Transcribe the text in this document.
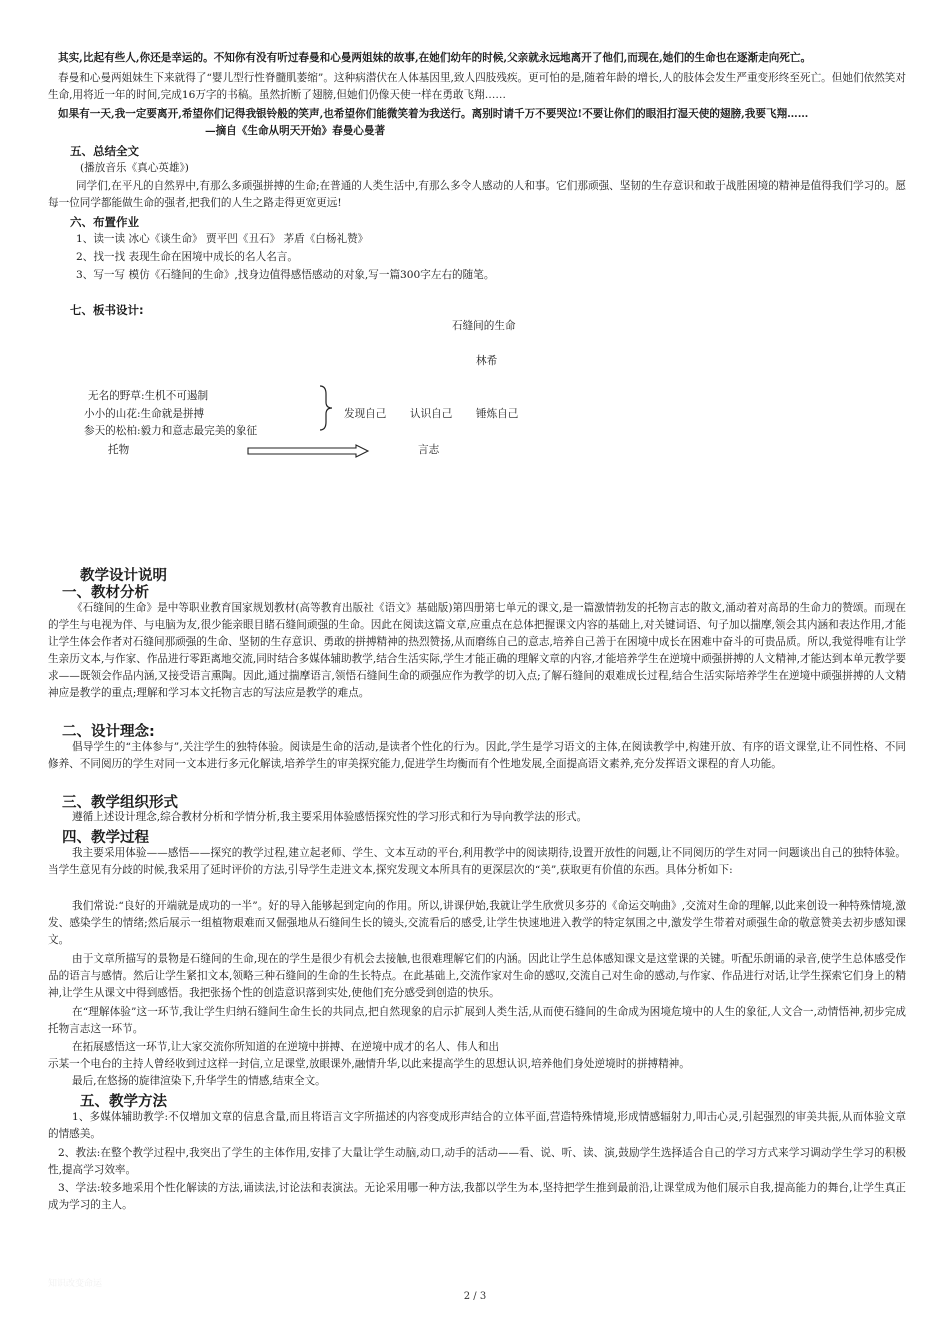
其实,比起有些人,你还是幸运的。不知你有没有听过春曼和心曼两姐妹的故事,在她们幼年的时候,父亲就永远地离开了他们,而现在,她们的生命也在逐渐走向死亡。

春曼和心曼两姐妹生下来就得了“婴儿型行性脊髓肌萎缩”。这种病潜伏在人体基因里,致人四肢残疾。更可怕的是,随着年龄的增长,人的肢体会发生严重变形终至死亡。但她们依然笑对生命,用将近一年的时间,完成16万字的书稿。虽然折断了翅膀,但她们仍像天使一样在勇敢飞翔……

如果有一天,我一定要离开,希望你们记得我银铃般的笑声,也希望你们能微笑着为我送行。离别时请千万不要哭泣!不要让你们的眼泪打湿天使的翅膀,我要飞翔……

—摘自《生命从明天开始》春曼心曼著
五、总结全文
(播放音乐《真心英雄》)

同学们,在平凡的自然界中,有那么多顽强拼搏的生命;在普通的人类生活中,有那么多令人感动的人和事。它们那顽强、坚韧的生存意识和敢于战胜困境的精神是值得我们学习的。愿每一位同学都能做生命的强者,把我们的人生之路走得更宽更远!

六、布置作业
1、读一读 冰心《谈生命》 贾平凹《丑石》 茅盾《白杨礼赞》
2、找一找 表现生命在困境中成长的名人名言。
3、写一写 模仿《石缝间的生命》,找身边值得感悟感动的对象,写一篇300字左右的随笔。
七、板书设计:
石缝间的生命
林希
无名的野草:生机不可遏制
小小的山花:生命就是拼搏
参天的松柏:毅力和意志最完美的象征
托物
发现自己 认识自己 锤炼自己
言志
教学设计说明
一、教材分析

《石缝间的生命》是中等职业教育国家规划教材(高等教育出版社《语文》基础版)第四册第七单元的课文,是一篇激情勃发的托物言志的散文,涌动着对高昂的生命力的赞颂。而现在的学生与电视为伴、与电脑为友,很少能亲眼目睹石缝间顽强的生命。因此在阅读这篇文章,应重点在总体把握课文内容的基础上,对关键词语、句子加以揣摩,领会其内涵和表达作用,才能让学生体会作者对石缝间那顽强的生命、坚韧的生存意识、勇敢的拼搏精神的热烈赞扬,从而磨练自己的意志,培养自己善于在困境中成长在困难中奋斗的可贵品质。所以,我觉得唯有让学生亲历文本,与作家、作品进行零距离地交流,同时结合多媒体辅助教学,结合生活实际,学生才能正确的理解文章的内容,才能培养学生在逆境中顽强拼搏的人文精神,才能达到本单元教学要求——既领会作品内涵,又接受语言熏陶。因此,通过揣摩语言,领悟石缝间生命的顽强应作为教学的切入点;了解石缝间的艰难成长过程,结合生活实际培养学生在逆境中顽强拼搏的人文精神应是教学的重点;理解和学习本文托物言志的写法应是教学的难点。

二、设计理念:

倡导学生的“主体参与”,关注学生的独特体验。阅读是生命的活动,是读者个性化的行为。因此,学生是学习语文的主体,在阅读教学中,构建开放、有序的语文课堂,让不同性格、不同修养、不同阅历的学生对同一文本进行多元化解读,培养学生的审美探究能力,促进学生均衡而有个性地发展,全面提高语文素养,充分发挥语文课程的育人功能。

三、教学组织形式

遵循上述设计理念,综合教材分析和学情分析,我主要采用体验感悟探究性的学习形式和行为导向教学法的形式。

四、教学过程

我主要采用体验——感悟——探究的教学过程,建立起老师、学生、文本互动的平台,利用教学中的阅读期待,设置开放性的问题,让不同阅历的学生对同一问题谈出自己的独特体验。当学生意见有分歧的时候,我采用了延时评价的方法,引导学生走进文本,探究发现文本所具有的更深层次的“美”,获取更有价值的东西。具体分析如下:

我们常说:“良好的开端就是成功的一半”。好的导入能够起到定向的作用。所以,讲课伊始,我就让学生欣赏贝多芬的《命运交响曲》,交流对生命的理解,以此来创设一种特殊情境,激发、感染学生的情绪;然后展示一组植物艰难而又倔强地从石缝间生长的镜头,交流看后的感受,让学生快速地进入教学的特定氛围之中,激发学生带着对顽强生命的敬意赞美去初步感知课文。

由于文章所描写的景物是石缝间的生命,现在的学生是很少有机会去接触,也很难理解它们的内涵。因此让学生总体感知课文是这堂课的关键。听配乐朗诵的录音,使学生总体感受作品的语言与感情。然后让学生紧扣文本,领略三种石缝间的生命的生长特点。在此基础上,交流作家对生命的感叹,交流自己对生命的感动,与作家、作品进行对话,让学生探索它们身上的精神,让学生从课文中得到感悟。我把张扬个性的创造意识落到实处,使他们充分感受到创造的快乐。

在“理解体验”这一环节,我让学生归纳石缝间生命生长的共同点,把自然现象的启示扩展到人类生活,从而使石缝间的生命成为困境危境中的人生的象征,人文合一,动情悟神,初步完成托物言志这一环节。

在拓展感悟这一环节,让大家交流你所知道的在逆境中拼搏、在逆境中成才的名人、伟人和出
示某一个电台的主持人曾经收到过这样一封信,立足课堂,放眼课外,融情升华,以此来提高学生的思想认识,培养他们身处逆境时的拼搏精神。
最后,在悠扬的旋律渲染下,升华学生的情感,结束全文。
五、教学方法

1、多媒体辅助教学:不仅增加文章的信息含量,而且将语言文字所描述的内容变成形声结合的立体平面,营造特殊情境,形成情感辐射力,叩击心灵,引起强烈的审美共振,从而体验文章的情感美。

2、教法:在整个教学过程中,我突出了学生的主体作用,安排了大量让学生动脑,动口,动手的活动——看、说、听、读、演,鼓励学生选择适合自己的学习方式来学习调动学生学习的积极性,提高学习效率。

3、学法:较多地采用个性化解读的方法,诵读法,讨论法和表演法。无论采用哪一种方法,我都以学生为本,坚持把学生推到最前沿,让课堂成为他们展示自我,提高能力的舞台,让学生真正成为学习的主人。

知识改变命运
2 / 3
